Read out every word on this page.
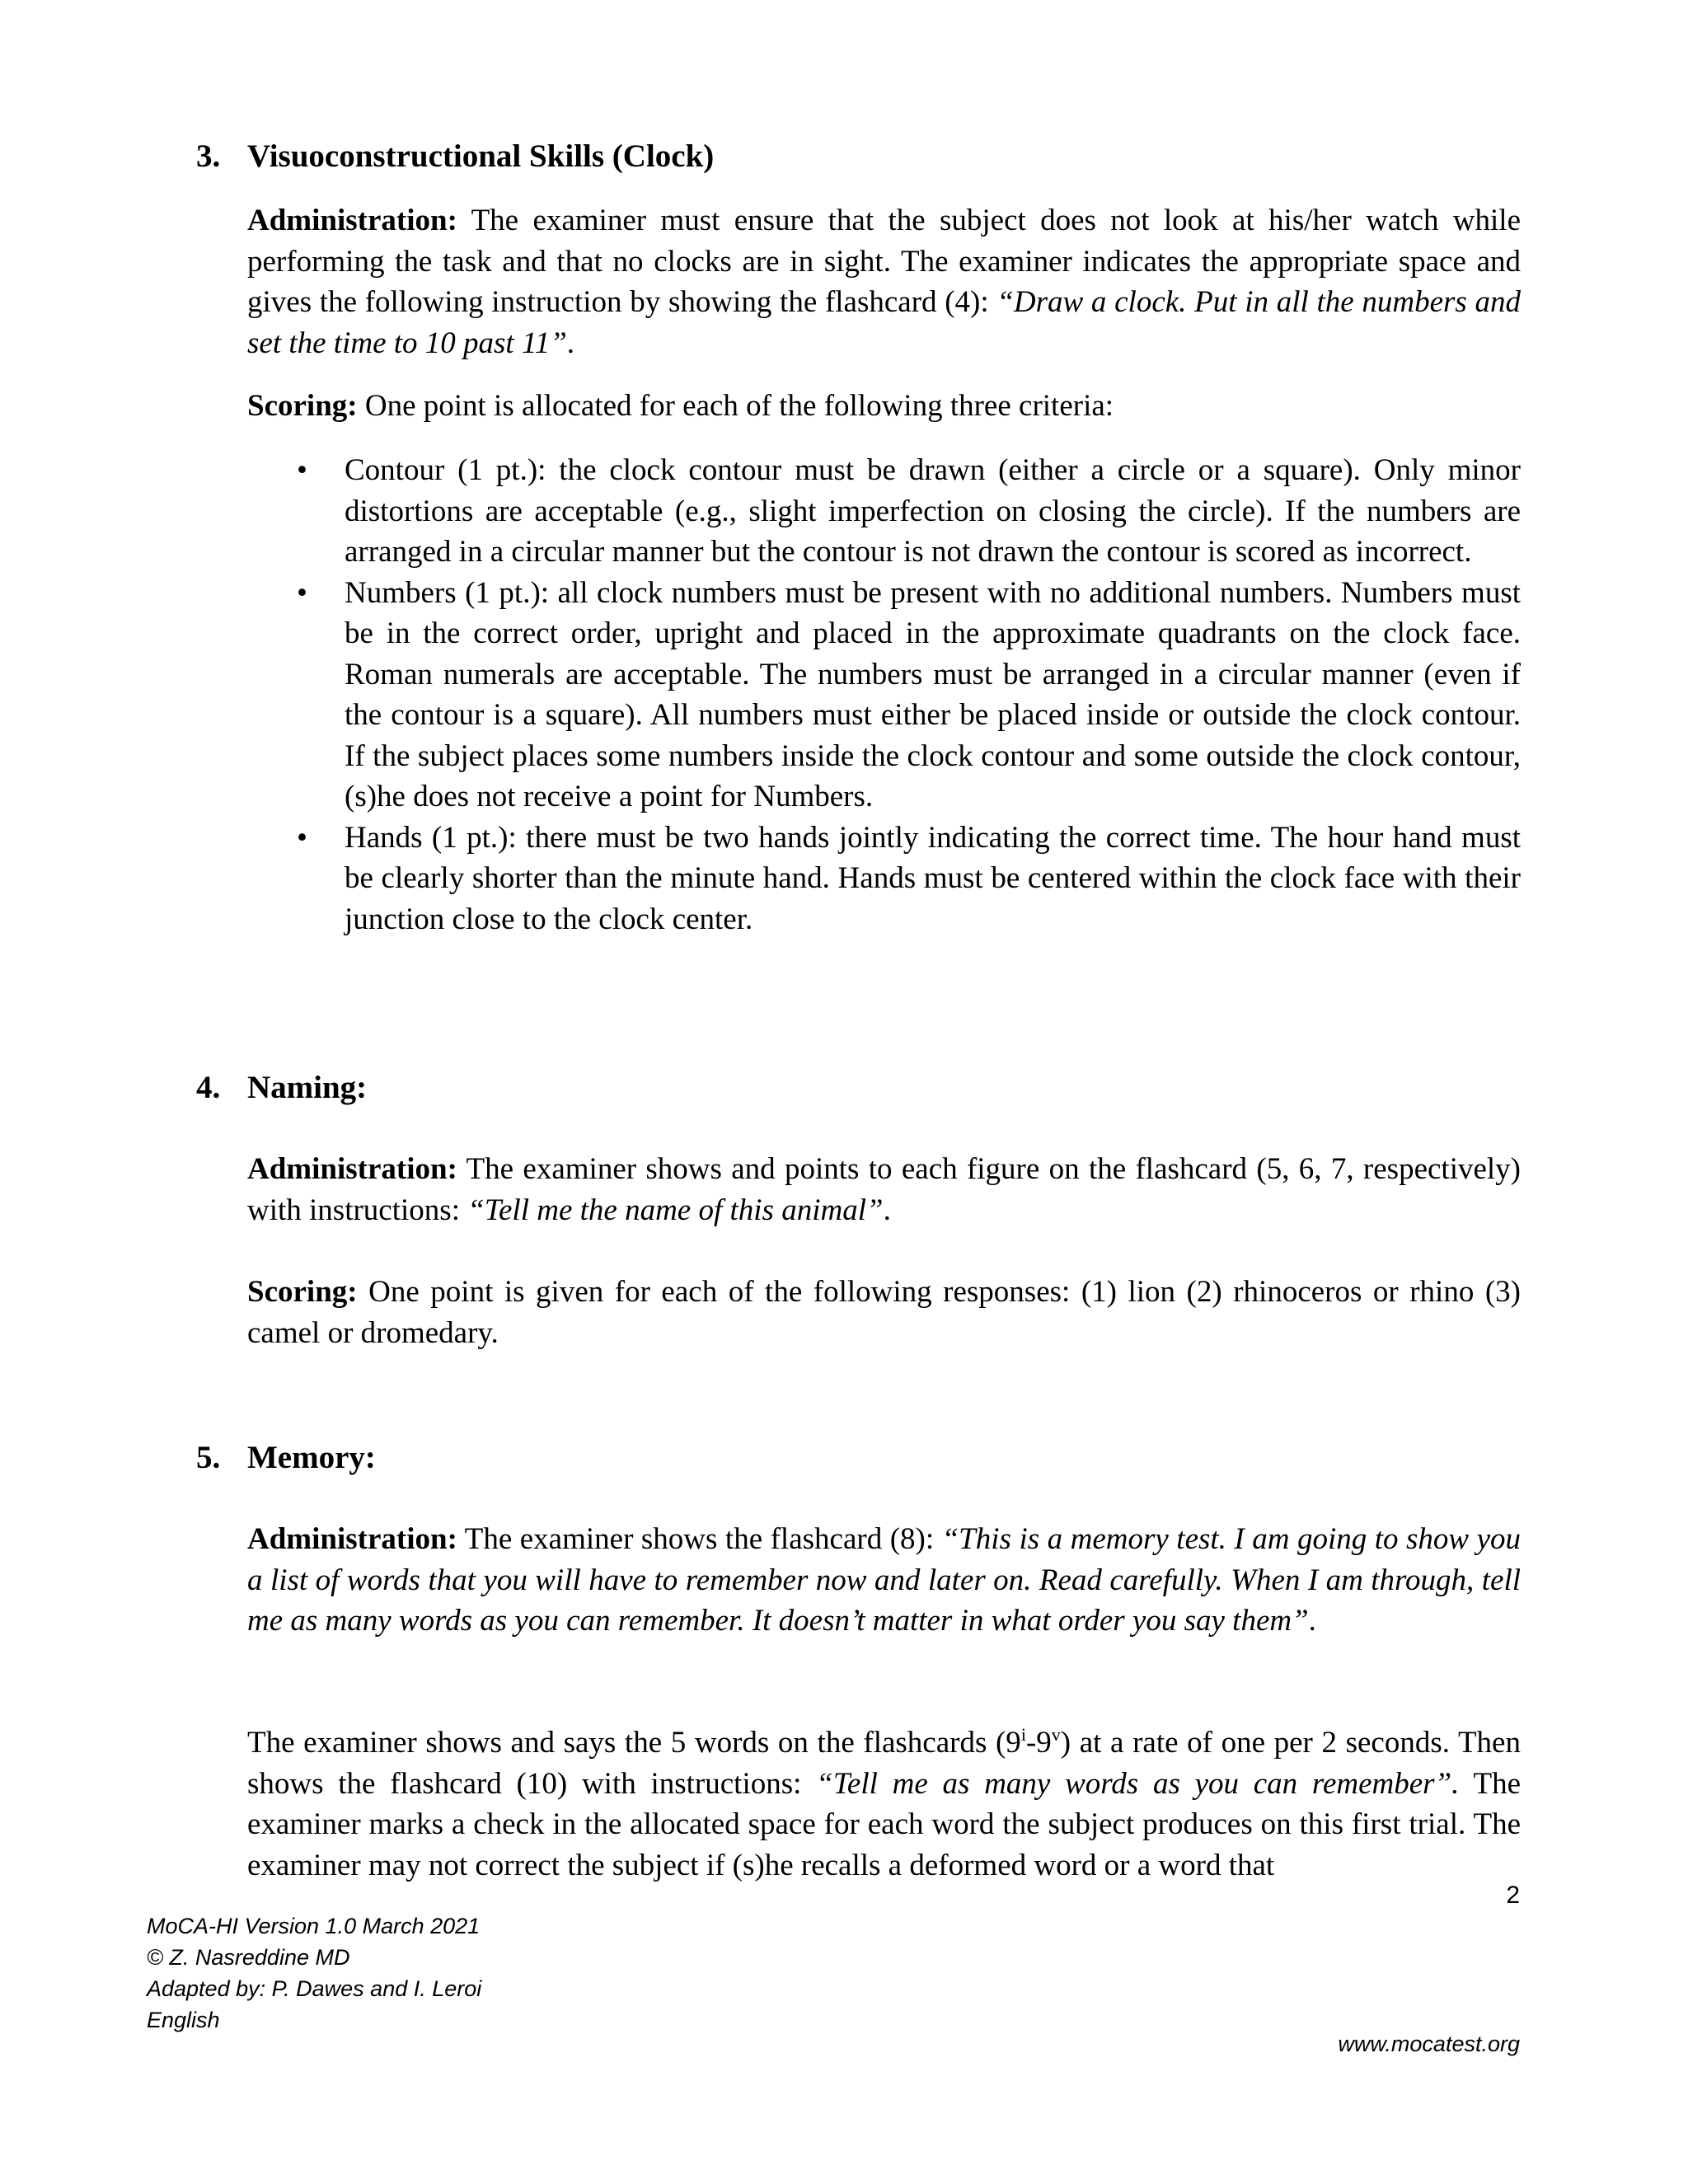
3. Visuoconstructional Skills (Clock)

Administration: The examiner must ensure that the subject does not look at his/her watch while performing the task and that no clocks are in sight. The examiner indicates the appropriate space and gives the following instruction by showing the flashcard (4): “Draw a clock. Put in all the numbers and set the time to 10 past 11”.

Scoring: One point is allocated for each of the following three criteria:

• Contour (1 pt.): the clock contour must be drawn (either a circle or a square). Only minor distortions are acceptable (e.g., slight imperfection on closing the circle). If the numbers are arranged in a circular manner but the contour is not drawn the contour is scored as incorrect.
• Numbers (1 pt.): all clock numbers must be present with no additional numbers. Numbers must be in the correct order, upright and placed in the approximate quadrants on the clock face. Roman numerals are acceptable. The numbers must be arranged in a circular manner (even if the contour is a square). All numbers must either be placed inside or outside the clock contour. If the subject places some numbers inside the clock contour and some outside the clock contour, (s)he does not receive a point for Numbers.
• Hands (1 pt.): there must be two hands jointly indicating the correct time. The hour hand must be clearly shorter than the minute hand. Hands must be centered within the clock face with their junction close to the clock center.
4. Naming:

Administration: The examiner shows and points to each figure on the flashcard (5, 6, 7, respectively) with instructions: “Tell me the name of this animal”.

Scoring: One point is given for each of the following responses: (1) lion (2) rhinoceros or rhino (3) camel or dromedary.

5. Memory:

Administration: The examiner shows the flashcard (8): “This is a memory test. I am going to show you a list of words that you will have to remember now and later on. Read carefully. When I am through, tell me as many words as you can remember. It doesn’t matter in what order you say them”.

The examiner shows and says the 5 words on the flashcards (9$^i$-9$^v$) at a rate of one per 2 seconds. Then shows the flashcard (10) with instructions: “Tell me as many words as you can remember”. The examiner marks a check in the allocated space for each word the subject produces on this first trial. The examiner may not correct the subject if (s)he recalls a deformed word or a word that

2
MoCA-HI Version 1.0 March 2021
© Z. Nasreddine MD
Adapted by: P. Dawes and I. Leroi
English
www.mocatest.org
